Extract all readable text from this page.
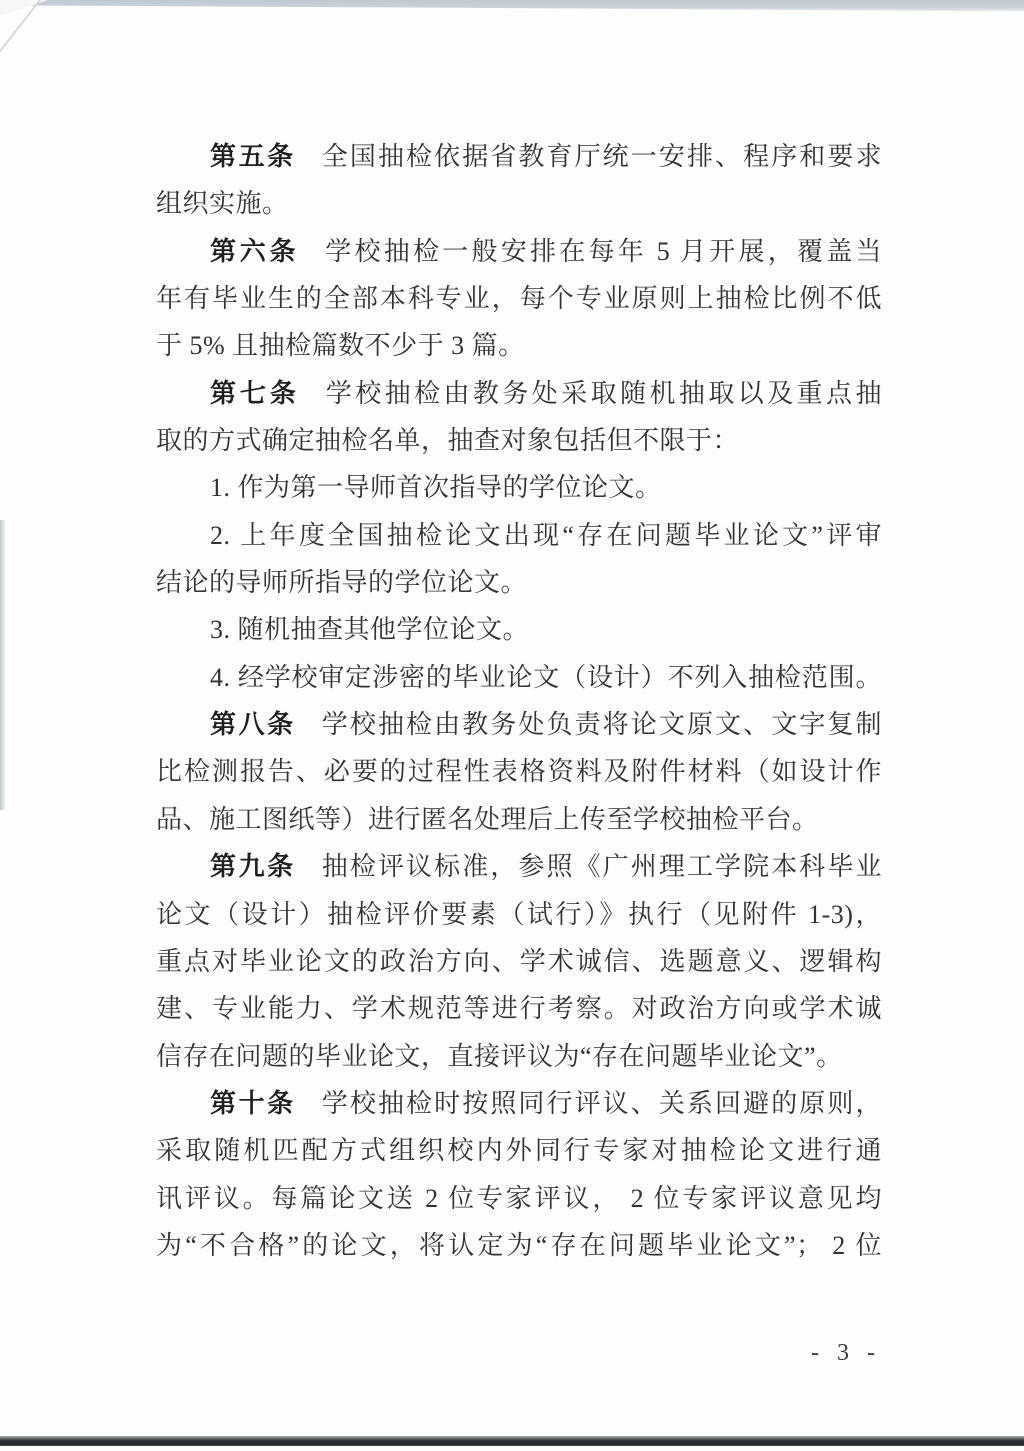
第五条 全国抽检依据省教育厅统一安排、程序和要求

组织实施。

第六条 学校抽检一般安排在每年 5 月开展，覆盖当

年有毕业生的全部本科专业，每个专业原则上抽检比例不低

于 5% 且抽检篇数不少于 3 篇。

第七条 学校抽检由教务处采取随机抽取以及重点抽

取的方式确定抽检名单，抽查对象包括但不限于：

1. 作为第一导师首次指导的学位论文。

2. 上年度全国抽检论文出现“存在问题毕业论文”评审

结论的导师所指导的学位论文。

3. 随机抽查其他学位论文。

4. 经学校审定涉密的毕业论文（设计）不列入抽检范围。

第八条 学校抽检由教务处负责将论文原文、文字复制

比检测报告、必要的过程性表格资料及附件材料（如设计作

品、施工图纸等）进行匿名处理后上传至学校抽检平台。

第九条 抽检评议标准，参照《广州理工学院本科毕业

论文（设计）抽检评价要素（试行）》执行（见附件 1-3)，

重点对毕业论文的政治方向、学术诚信、选题意义、逻辑构

建、专业能力、学术规范等进行考察。对政治方向或学术诚

信存在问题的毕业论文，直接评议为“存在问题毕业论文”。

第十条 学校抽检时按照同行评议、关系回避的原则，

采取随机匹配方式组织校内外同行专家对抽检论文进行通

讯评议。每篇论文送 2 位专家评议， 2 位专家评议意见均

为“不合格”的论文，将认定为“存在问题毕业论文”； 2 位

- 3 -
